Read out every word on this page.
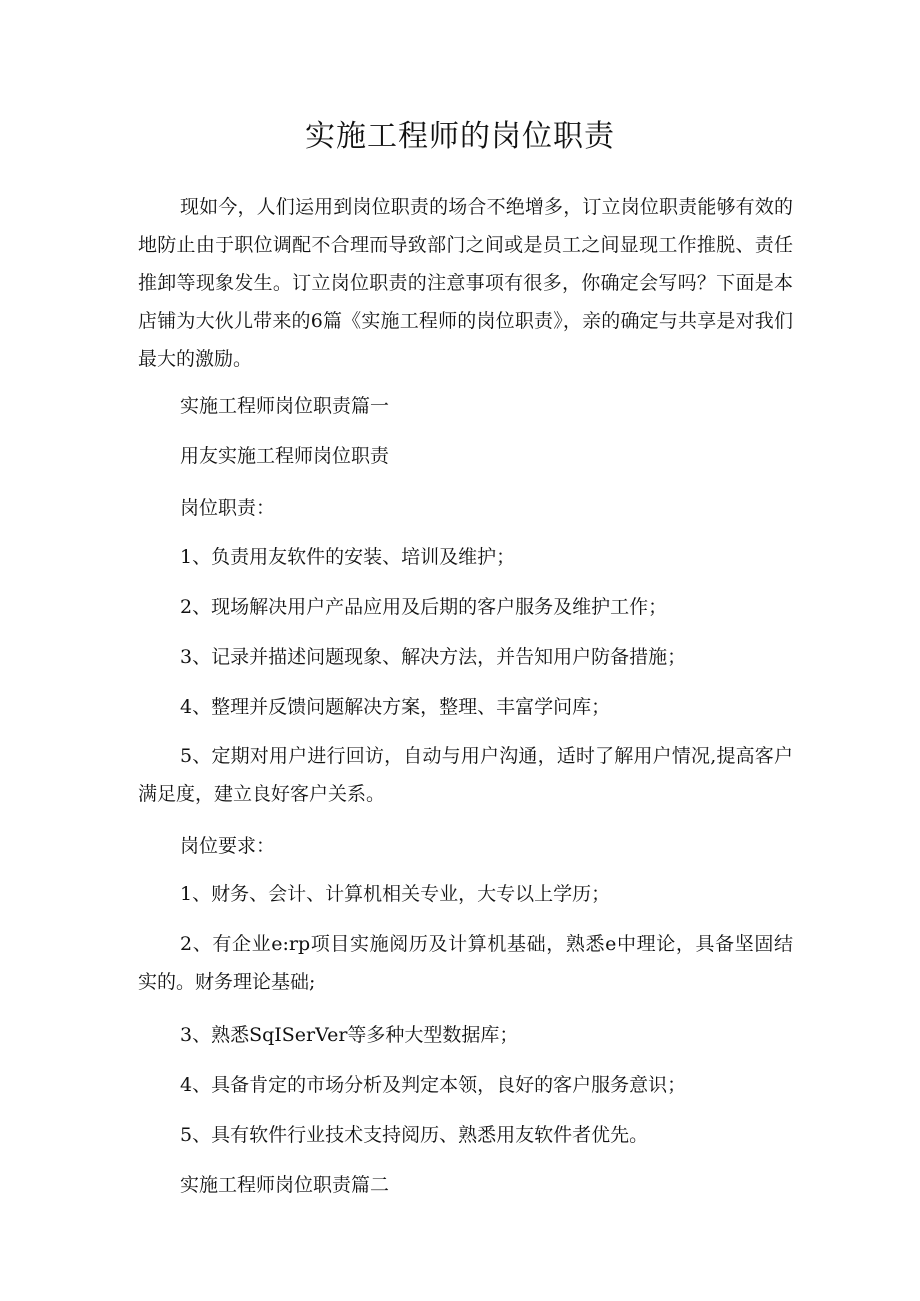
实施工程师的岗位职责

现如今，人们运用到岗位职责的场合不绝增多，订立岗位职责能够有效的地防止由于职位调配不合理而导致部门之间或是员工之间显现工作推脱、责任推卸等现象发生。订立岗位职责的注意事项有很多，你确定会写吗？下面是本店铺为大伙儿带来的6篇《实施工程师的岗位职责》，亲的确定与共享是对我们最大的激励。

实施工程师岗位职责篇一

用友实施工程师岗位职责

岗位职责：

1、负责用友软件的安装、培训及维护；

2、现场解决用户产品应用及后期的客户服务及维护工作；

3、记录并描述问题现象、解决方法，并告知用户防备措施；

4、整理并反馈问题解决方案，整理、丰富学问库；

5、定期对用户进行回访，自动与用户沟通，适时了解用户情况,提高客户满足度，建立良好客户关系。

岗位要求：

1、财务、会计、计算机相关专业，大专以上学历；

2、有企业e:rp项目实施阅历及计算机基础，熟悉e中理论，具备坚固结实的。财务理论基础;

3、熟悉SqISerVer等多种大型数据库；

4、具备肯定的市场分析及判定本领，良好的客户服务意识；

5、具有软件行业技术支持阅历、熟悉用友软件者优先。

实施工程师岗位职责篇二
